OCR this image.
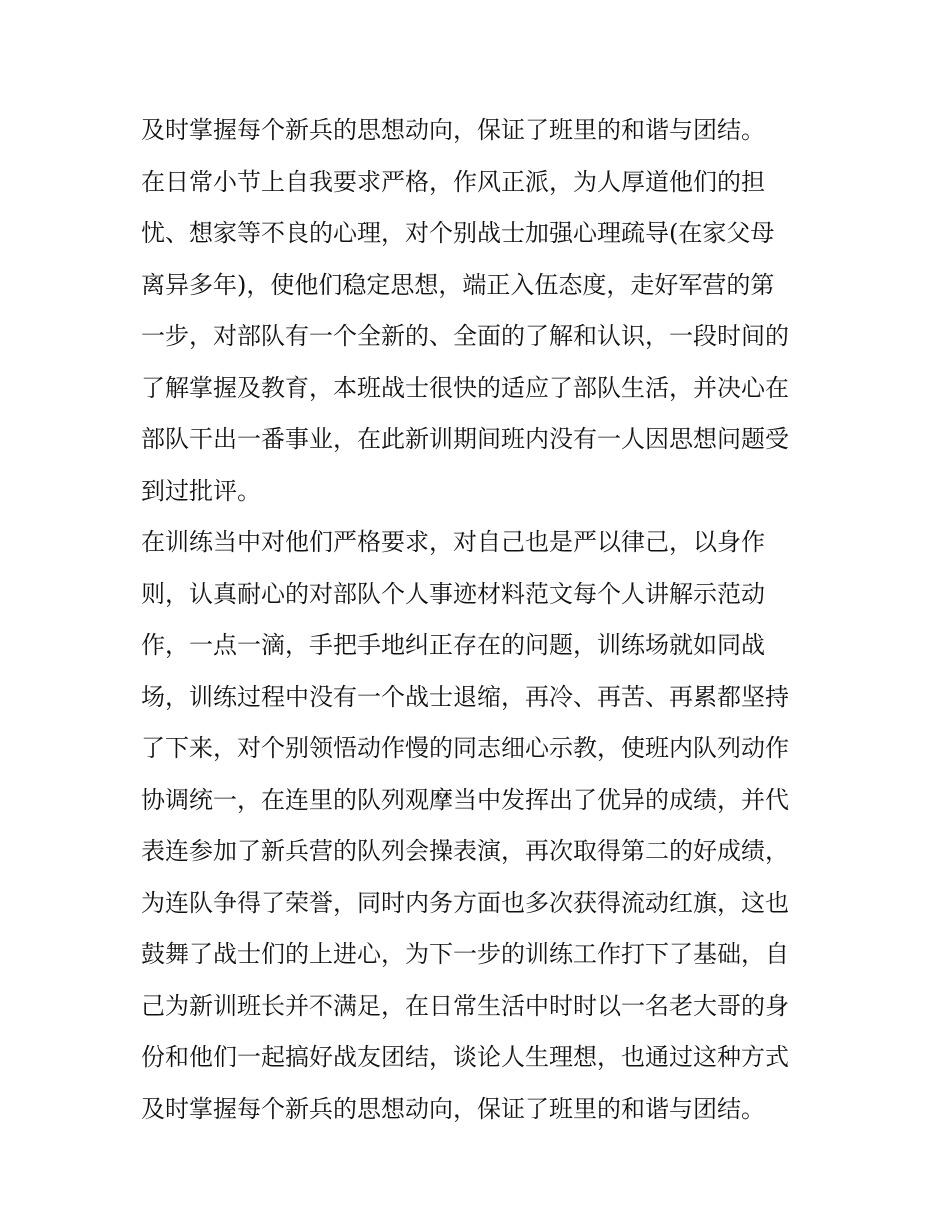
及时掌握每个新兵的思想动向，保证了班里的和谐与团结。
在日常小节上自我要求严格，作风正派，为人厚道他们的担
忧、想家等不良的心理，对个别战士加强心理疏导(在家父母
离异多年)，使他们稳定思想，端正入伍态度，走好军营的第
一步，对部队有一个全新的、全面的了解和认识，一段时间的
了解掌握及教育，本班战士很快的适应了部队生活，并决心在
部队干出一番事业，在此新训期间班内没有一人因思想问题受
到过批评。
在训练当中对他们严格要求，对自己也是严以律己，以身作
则，认真耐心的对部队个人事迹材料范文每个人讲解示范动
作，一点一滴，手把手地纠正存在的问题，训练场就如同战
场，训练过程中没有一个战士退缩，再冷、再苦、再累都坚持
了下来，对个别领悟动作慢的同志细心示教，使班内队列动作
协调统一，在连里的队列观摩当中发挥出了优异的成绩，并代
表连参加了新兵营的队列会操表演，再次取得第二的好成绩，
为连队争得了荣誉，同时内务方面也多次获得流动红旗，这也
鼓舞了战士们的上进心，为下一步的训练工作打下了基础，自
己为新训班长并不满足，在日常生活中时时以一名老大哥的身
份和他们一起搞好战友团结，谈论人生理想，也通过这种方式
及时掌握每个新兵的思想动向，保证了班里的和谐与团结。
